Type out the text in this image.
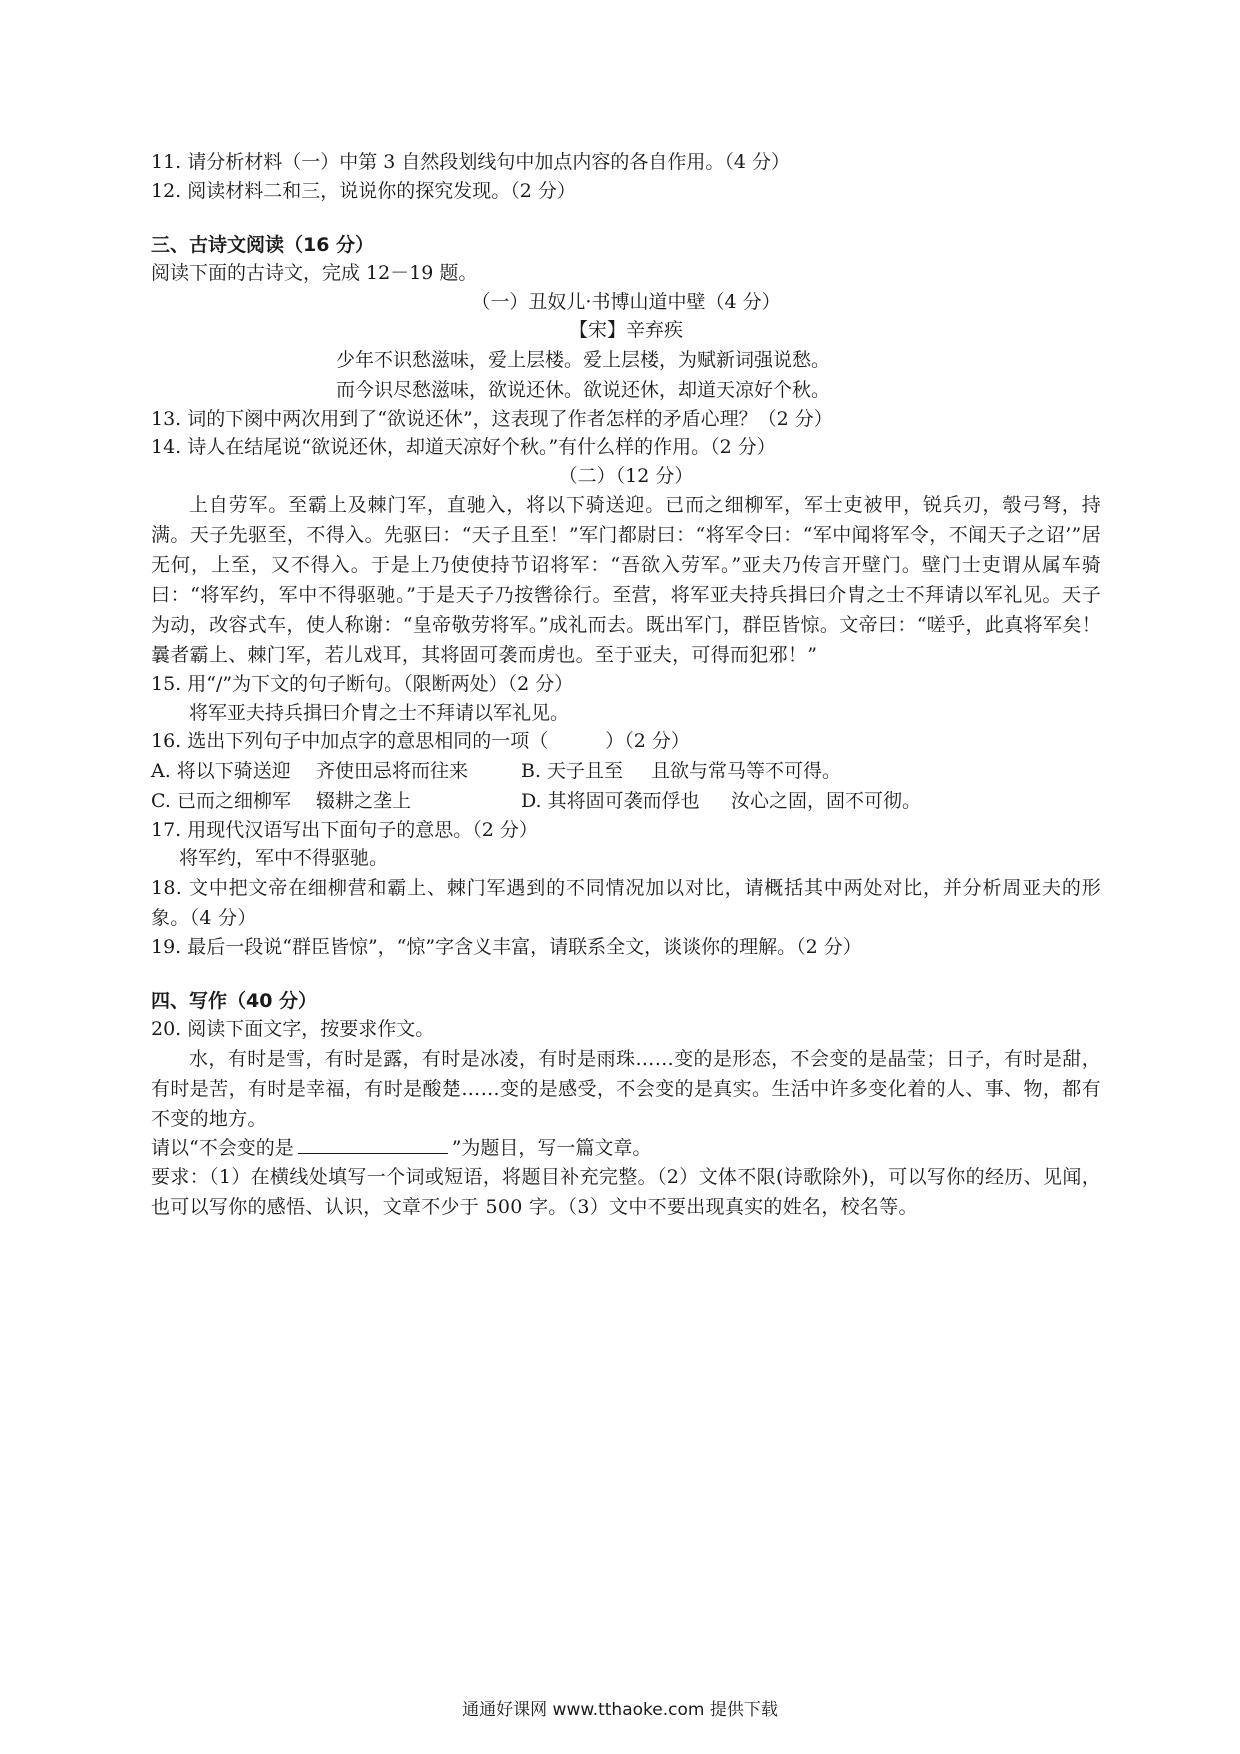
11. 请分析材料（一）中第 3 自然段划线句中加点内容的各自作用。（4 分）
12. 阅读材料二和三，说说你的探究发现。（2 分）
三、古诗文阅读（16 分）
阅读下面的古诗文，完成 12－19 题。
（一）丑奴儿·书博山道中壁（4 分）
【宋】辛弃疾
少年不识愁滋味，爱上层楼。爱上层楼，为赋新词强说愁。
而今识尽愁滋味，欲说还休。欲说还休，却道天凉好个秋。
13. 词的下阕中两次用到了“欲说还休”，这表现了作者怎样的矛盾心理？（2 分）
14. 诗人在结尾说“欲说还休，却道天凉好个秋。”有什么样的作用。（2 分）
（二）（12 分）
上自劳军。至霸上及棘门军，直驰入，将以下骑送迎。已而之细柳军，军士吏被甲，锐兵刃，彀弓弩，持满。天子先驱至，不得入。先驱曰：“天子且至！”军门都尉曰：“将军令曰：“军中闻将军令，不闻天子之诏’”居无何，上至，又不得入。于是上乃使使持节诏将军：“吾欲入劳军。”亚夫乃传言开壁门。壁门士吏谓从属车骑曰：“将军约，军中不得驱驰。”于是天子乃按辔徐行。至营，将军亚夫持兵揖曰介胄之士不拜请以军礼见。天子为动，改容式车，使人称谢：“皇帝敬劳将军。”成礼而去。既出军门，群臣皆惊。文帝曰：“嗟乎，此真将军矣！曩者霸上、棘门军，若儿戏耳，其将固可袭而虏也。至于亚夫，可得而犯邪！”
15. 用“/”为下文的句子断句。（限断两处）（2 分）
将军亚夫持兵揖曰介胄之士不拜请以军礼见。
16. 选出下列句子中加点字的意思相同的一项（　　　）（2 分）
A. 将以下骑送迎	齐使田忌将而往来	B. 天子且至	且欲与常马等不可得。
C. 已而之细柳军	辍耕之垄上	D. 其将固可袭而俘也	汝心之固，固不可彻。
17. 用现代汉语写出下面句子的意思。（2 分）
将军约，军中不得驱驰。
18. 文中把文帝在细柳营和霸上、棘门军遇到的不同情况加以对比，请概括其中两处对比，并分析周亚夫的形象。（4 分）
19. 最后一段说“群臣皆惊”，“惊”字含义丰富，请联系全文，谈谈你的理解。（2 分）
四、写作（40 分）
20. 阅读下面文字，按要求作文。
水，有时是雪，有时是露，有时是冰凌，有时是雨珠……变的是形态，不会变的是晶莹；日子，有时是甜，有时是苦，有时是幸福，有时是酸楚……变的是感受，不会变的是真实。生活中许多变化着的人、事、物，都有不变的地方。
请以“不会变的是	”为题目，写一篇文章。
要求：（1）在横线处填写一个词或短语，将题目补充完整。（2）文体不限(诗歌除外)，可以写你的经历、见闻，也可以写你的感悟、认识，文章不少于 500 字。（3）文中不要出现真实的姓名，校名等。
通通好课网 www.tthaoke.com 提供下载
